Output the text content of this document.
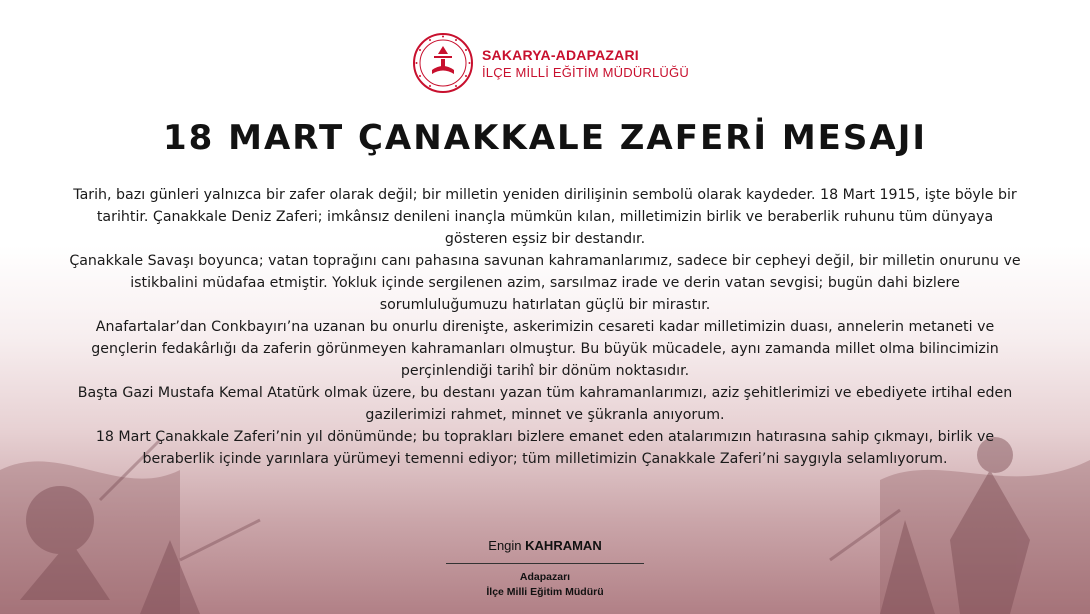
SAKARYA-ADAPAZARI
İLÇE MİLLİ EĞİTİM MÜDÜRLÜĞÜ
18 MART ÇANAKKALE ZAFERİ MESAJI

Tarih, bazı günleri yalnızca bir zafer olarak değil; bir milletin yeniden dirilişinin sembolü olarak kaydeder. 18 Mart 1915, işte böyle bir tarihtir. Çanakkale Deniz Zaferi; imkânsız denileni inançla mümkün kılan, milletimizin birlik ve beraberlik ruhunu tüm dünyaya gösteren eşsiz bir destandır.

Çanakkale Savaşı boyunca; vatan toprağını canı pahasına savunan kahramanlarımız, sadece bir cepheyi değil, bir milletin onurunu ve istikbalini müdafaa etmiştir. Yokluk içinde sergilenen azim, sarsılmaz irade ve derin vatan sevgisi; bugün dahi bizlere sorumluluğumuzu hatırlatan güçlü bir mirastır.

Anafartalar’dan Conkbayırı’na uzanan bu onurlu direnişte, askerimizin cesareti kadar milletimizin duası, annelerin metaneti ve gençlerin fedakârlığı da zaferin görünmeyen kahramanları olmuştur. Bu büyük mücadele, aynı zamanda millet olma bilincimizin perçinlendiği tarihî bir dönüm noktasıdır.

Başta Gazi Mustafa Kemal Atatürk olmak üzere, bu destanı yazan tüm kahramanlarımızı, aziz şehitlerimizi ve ebediyete irtihal eden gazilerimizi rahmet, minnet ve şükranla anıyorum.

18 Mart Çanakkale Zaferi’nin yıl dönümünde; bu toprakları bizlere emanet eden atalarımızın hatırasına sahip çıkmayı, birlik ve beraberlik içinde yarınlara yürümeyi temenni ediyor; tüm milletimizin Çanakkale Zaferi’ni saygıyla selamlıyorum.

Engin KAHRAMAN
Adapazarı
İlçe Milli Eğitim Müdürü
